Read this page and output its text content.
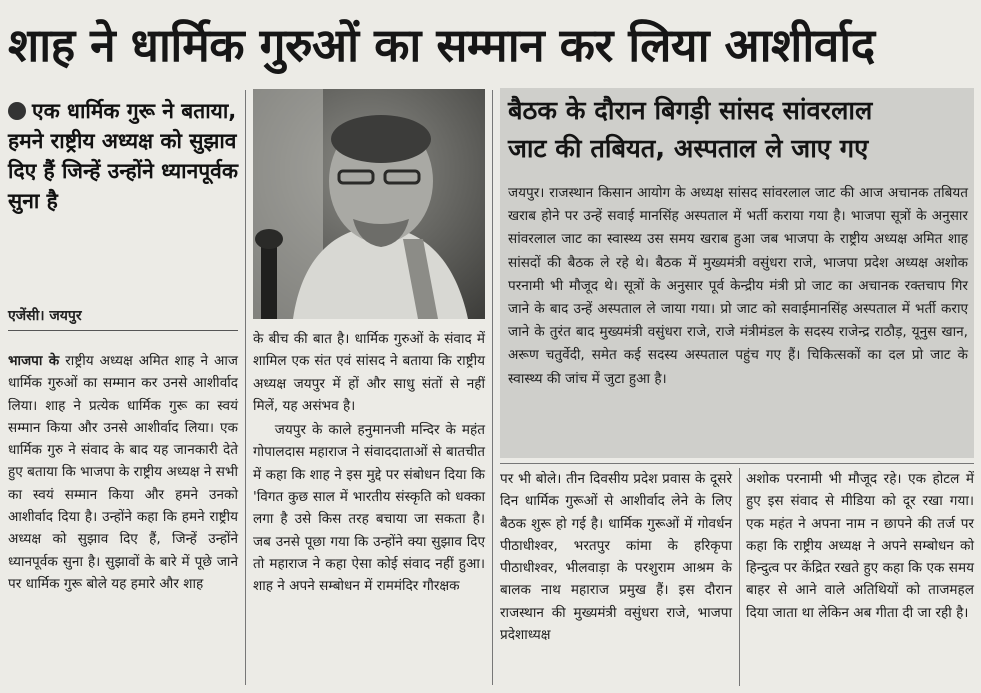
शाह ने धार्मिक गुरुओं का सम्मान कर लिया आशीर्वाद
एक धार्मिक गुरू ने बताया, हमने राष्ट्रीय अध्यक्ष को सुझाव दिए हैं जिन्हें उन्होंने ध्यानपूर्वक सुना है
एजेंसी। जयपुर

भाजपा के राष्ट्रीय अध्यक्ष अमित शाह ने आज धार्मिक गुरुओं का सम्मान कर उनसे आशीर्वाद लिया। शाह ने प्रत्येक धार्मिक गुरू का स्वयं सम्मान किया और उनसे आशीर्वाद लिया। एक धार्मिक गुरु ने संवाद के बाद यह जानकारी देते हुए बताया कि भाजपा के राष्ट्रीय अध्यक्ष ने सभी का स्वयं सम्मान किया और हमने उनको आशीर्वाद दिया है। उन्होंने कहा कि हमने राष्ट्रीय अध्यक्ष को सुझाव दिए हैं, जिन्हें उन्होंने ध्यानपूर्वक सुना है। सुझावों के बारे में पूछे जाने पर धार्मिक गुरू बोले यह हमारे और शाह

के बीच की बात है। धार्मिक गुरुओं के संवाद में शामिल एक संत एवं सांसद ने बताया कि राष्ट्रीय अध्यक्ष जयपुर में हों और साधु संतों से नहीं मिलें, यह असंभव है।

जयपुर के काले हनुमानजी मन्दिर के महंत गोपालदास महाराज ने संवाददाताओं से बातचीत में कहा कि शाह ने इस मुद्दे पर संबोधन दिया कि 'विगत कुछ साल में भारतीय संस्कृति को धक्का लगा है उसे किस तरह बचाया जा सकता है। जब उनसे पूछा गया कि उन्होंने क्या सुझाव दिए तो महाराज ने कहा ऐसा कोई संवाद नहीं हुआ। शाह ने अपने सम्बोधन में राममंदिर गौरक्षक

बैठक के दौरान बिगड़ी सांसद सांवरलाल
जाट की तबियत, अस्पताल ले जाए गए
जयपुर। राजस्थान किसान आयोग के अध्यक्ष सांसद सांवरलाल जाट की आज अचानक तबियत खराब होने पर उन्हें सवाई मानसिंह अस्पताल में भर्ती कराया गया है। भाजपा सूत्रों के अनुसार सांवरलाल जाट का स्वास्थ्य उस समय खराब हुआ जब भाजपा के राष्ट्रीय अध्यक्ष अमित शाह सांसदों की बैठक ले रहे थे। बैठक में मुख्यमंत्री वसुंधरा राजे, भाजपा प्रदेश अध्यक्ष अशोक परनामी भी मौजूद थे। सूत्रों के अनुसार पूर्व केन्द्रीय मंत्री प्रो जाट का अचानक रक्तचाप गिर जाने के बाद उन्हें अस्पताल ले जाया गया। प्रो जाट को सवाईमानसिंह अस्पताल में भर्ती कराए जाने के तुरंत बाद मुख्यमंत्री वसुंधरा राजे, राजे मंत्रीमंडल के सदस्य राजेन्द्र राठौड़, यूनुस खान, अरूण चतुर्वेदी, समेत कई सदस्य अस्पताल पहुंच गए हैं। चिकित्सकों का दल प्रो जाट के स्वास्थ्य की जांच में जुटा हुआ है।

पर भी बोले। तीन दिवसीय प्रदेश प्रवास के दूसरे दिन धार्मिक गुरूओं से आशीर्वाद लेने के लिए बैठक शुरू हो गई है। धार्मिक गुरूओं में गोवर्धन पीठाधीश्वर, भरतपुर कांमा के हरिकृपा पीठाधीश्वर, भीलवाड़ा के परशुराम आश्रम के बालक नाथ महाराज प्रमुख हैं। इस दौरान राजस्थान की मुख्यमंत्री वसुंधरा राजे, भाजपा प्रदेशाध्यक्ष

अशोक परनामी भी मौजूद रहे। एक होटल में हुए इस संवाद से मीडिया को दूर रखा गया। एक महंत ने अपना नाम न छापने की तर्ज पर कहा कि राष्ट्रीय अध्यक्ष ने अपने सम्बोधन को हिन्दुत्व पर केंद्रित रखते हुए कहा कि एक समय बाहर से आने वाले अतिथियों को ताजमहल दिया जाता था लेकिन अब गीता दी जा रही है।
